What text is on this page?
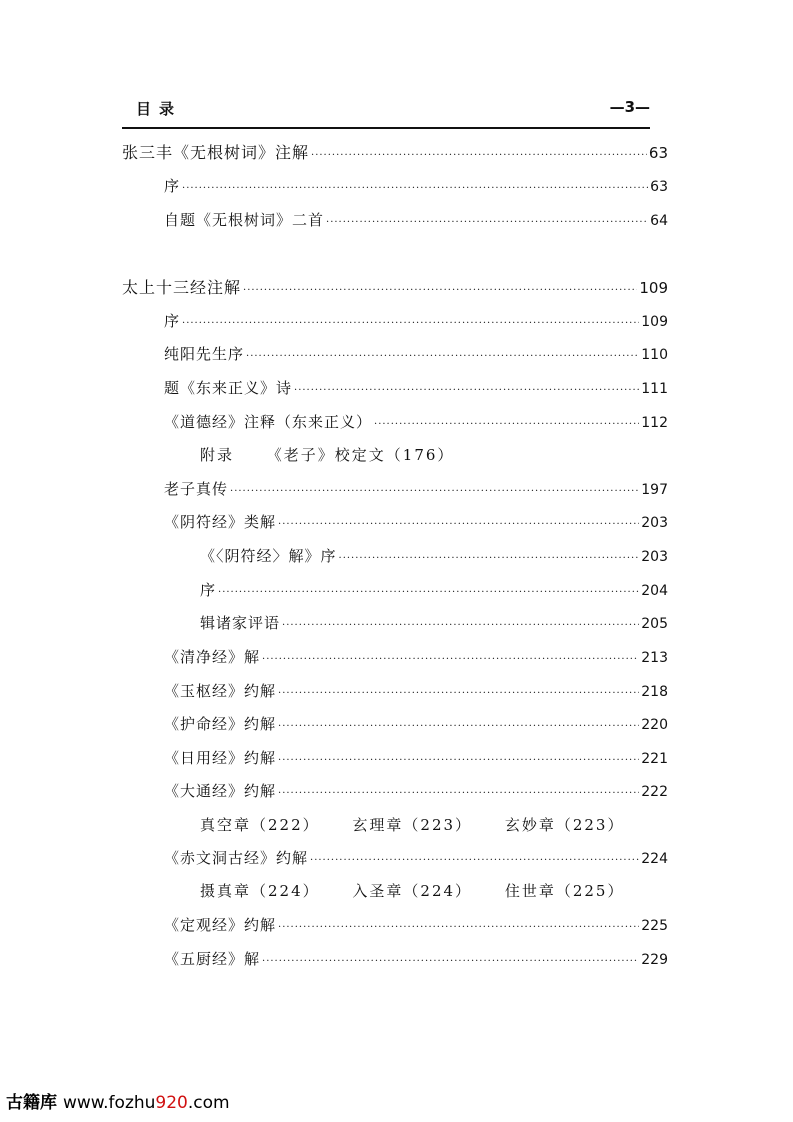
目录	—3—
张三丰《无根树词》注解 ·····	63
序 ·····	63
自题《无根树词》二首 ·····	64
太上十三经注解 ·····	109
序 ·····	109
纯阳先生序 ·····	110
题《东来正义》诗 ·····	111
《道德经》注释（东来正义） ·····	112
附录 《老子》校定文（176）
老子真传 ·····	197
《阴符经》类解 ·····	203
《〈阴符经〉解》序 ·····	203
序 ·····	204
辑诸家评语 ·····	205
《清净经》解 ·····	213
《玉枢经》约解 ·····	218
《护命经》约解 ·····	220
《日用经》约解 ·····	221
《大通经》约解 ·····	222
真空章（222） 玄理章（223） 玄妙章（223）
《赤文洞古经》约解 ·····	224
摄真章（224） 入圣章（224） 住世章（225）
《定观经》约解 ·····	225
《五厨经》解 ·····	229
古籍库 www.fozhu920.com
